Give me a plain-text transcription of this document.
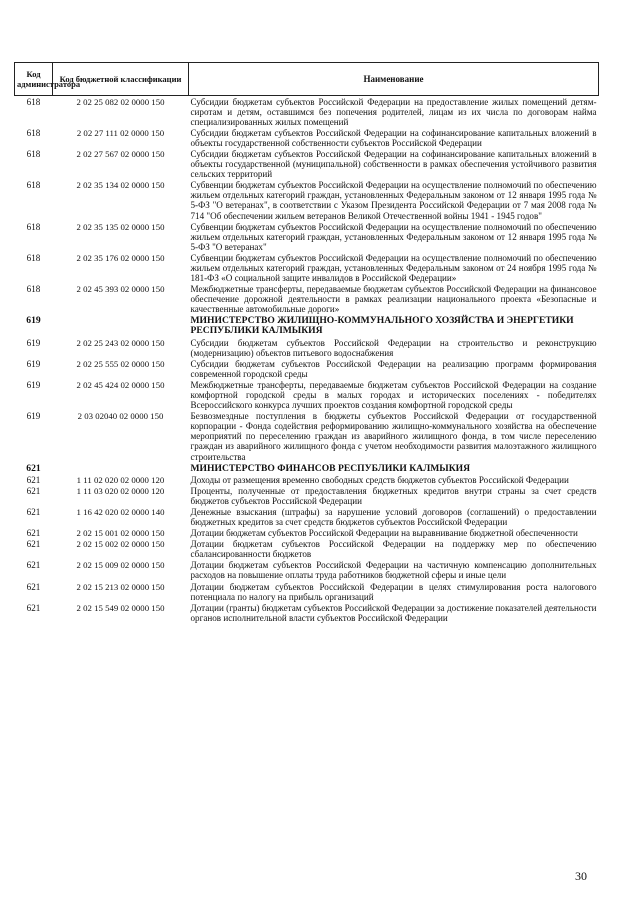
Код администратора	Код бюджетной классификации	Наименование
618	2 02 25 082 02 0000 150	Субсидии бюджетам субъектов Российской Федерации на предоставление жилых помещений детям-сиротам и детям, оставшимся без попечения родителей, лицам из их числа по договорам найма специализированных жилых помещений
618	2 02 27 111 02 0000 150	Субсидии бюджетам субъектов Российской Федерации на софинансирование капитальных вложений в объекты государственной собственности субъектов Российской Федерации
618	2 02 27 567 02 0000 150	Субсидии бюджетам субъектов Российской Федерации на софинансирование капитальных вложений в объекты государственной (муниципальной) собственности в рамках обеспечения устойчивого развития сельских территорий
618	2 02 35 134 02 0000 150	Субвенции бюджетам субъектов Российской Федерации на осуществление полномочий по обеспечению жильем отдельных категорий граждан, установленных Федеральным законом от 12 января 1995 года № 5-ФЗ "О ветеранах", в соответствии с Указом Президента Российской Федерации от 7 мая 2008 года № 714 "Об обеспечении жильем ветеранов Великой Отечественной войны 1941 - 1945 годов"
618	2 02 35 135 02 0000 150	Субвенции бюджетам субъектов Российской Федерации на осуществление полномочий по обеспечению жильем отдельных категорий граждан, установленных Федеральным законом от 12 января 1995 года № 5-ФЗ "О ветеранах"
618	2 02 35 176 02 0000 150	Субвенции бюджетам субъектов Российской Федерации на осуществление полномочий по обеспечению жильем отдельных категорий граждан, установленных Федеральным законом от 24 ноября 1995 года № 181-ФЗ «О социальной защите инвалидов в Российской Федерации»
618	2 02 45 393 02 0000 150	Межбюджетные трансферты, передаваемые бюджетам субъектов Российской Федерации на финансовое обеспечение дорожной деятельности в рамках реализации национального проекта «Безопасные и качественные автомобильные дороги»
619		МИНИСТЕРСТВО ЖИЛИЩНО-КОММУНАЛЬНОГО ХОЗЯЙСТВА И ЭНЕРГЕТИКИ РЕСПУБЛИКИ КАЛМЫКИЯ
619	2 02 25 243 02 0000 150	Субсидии бюджетам субъектов Российской Федерации на строительство и реконструкцию (модернизацию) объектов питьевого водоснабжения
619	2 02 25 555 02 0000 150	Субсидии бюджетам субъектов Российской Федерации на реализацию программ формирования современной городской среды
619	2 02 45 424 02 0000 150	Межбюджетные трансферты, передаваемые бюджетам субъектов Российской Федерации на создание комфортной городской среды в малых городах и исторических поселениях - победителях Всероссийского конкурса лучших проектов создания комфортной городской среды
619	2 03 02040 02 0000 150	Безвозмездные поступления в бюджеты субъектов Российской Федерации от государственной корпорации - Фонда содействия реформированию жилищно-коммунального хозяйства на обеспечение мероприятий по переселению граждан из аварийного жилищного фонда, в том числе переселению граждан из аварийного жилищного фонда с учетом необходимости развития малоэтажного жилищного строительства
621		МИНИСТЕРСТВО ФИНАНСОВ РЕСПУБЛИКИ КАЛМЫКИЯ
621	1 11 02 020 02 0000 120	Доходы от размещения временно свободных средств бюджетов субъектов Российской Федерации
621	1 11 03 020 02 0000 120	Проценты, полученные от предоставления бюджетных кредитов внутри страны за счет средств бюджетов субъектов Российской Федерации
621	1 16 42 020 02 0000 140	Денежные взыскания (штрафы) за нарушение условий договоров (соглашений) о предоставлении бюджетных кредитов за счет средств бюджетов субъектов Российской Федерации
621	2 02 15 001 02 0000 150	Дотации бюджетам субъектов Российской Федерации на выравнивание бюджетной обеспеченности
621	2 02 15 002 02 0000 150	Дотации бюджетам субъектов Российской Федерации на поддержку мер по обеспечению сбалансированности бюджетов
621	2 02 15 009 02 0000 150	Дотации бюджетам субъектов Российской Федерации на частичную компенсацию дополнительных расходов на повышение оплаты труда работников бюджетной сферы и иные цели
621	2 02 15 213 02 0000 150	Дотации бюджетам субъектов Российской Федерации в целях стимулирования роста налогового потенциала по налогу на прибыль организаций
621	2 02 15 549 02 0000 150	Дотации (гранты) бюджетам субъектов Российской Федерации за достижение показателей деятельности органов исполнительной власти субъектов Российской Федерации
30
